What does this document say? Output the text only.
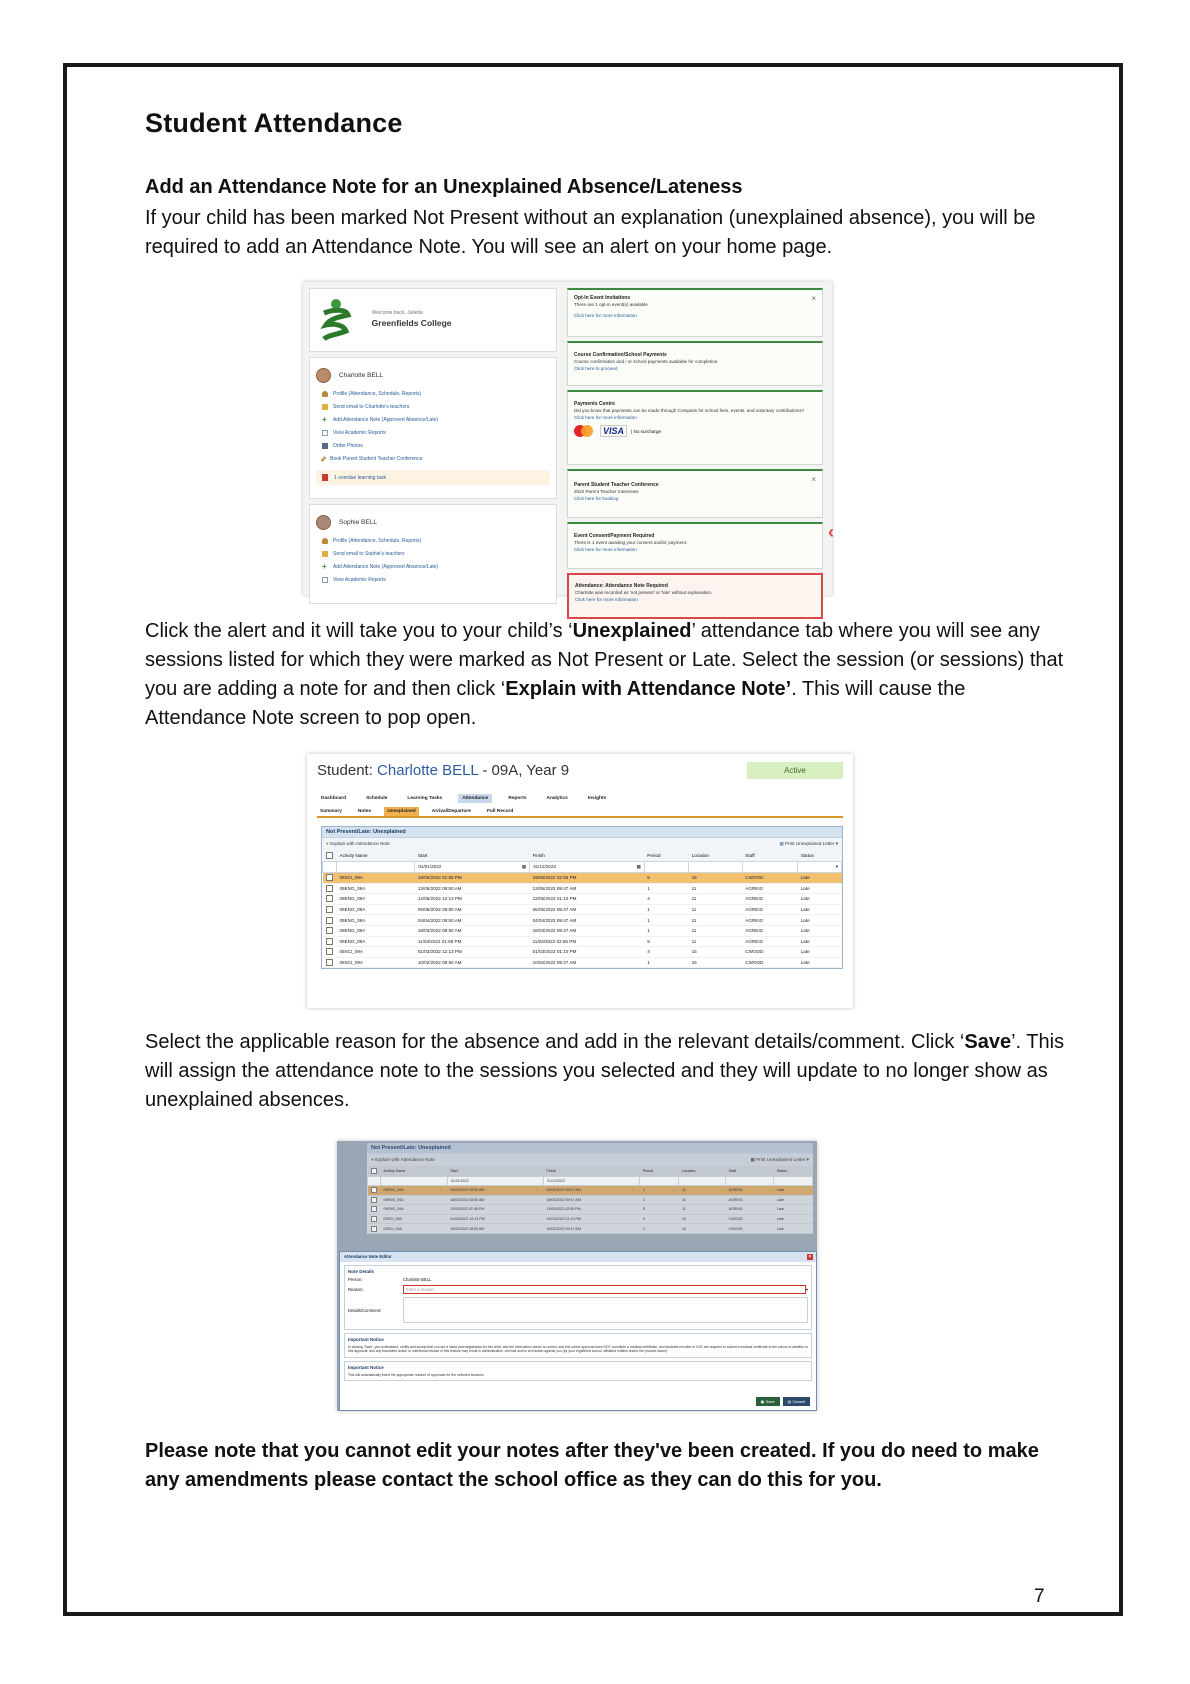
Student Attendance
Add an Attendance Note for an Unexplained Absence/Lateness
If your child has been marked Not Present without an explanation (unexplained absence), you will be required to add an Attendance Note. You will see an alert on your home page.
Click the alert and it will take you to your child’s ‘Unexplained’ attendance tab where you will see any sessions listed for which they were marked as Not Present or Late. Select the session (or sessions) that you are adding a note for and then click ‘Explain with Attendance Note’. This will cause the Attendance Note screen to pop open.
Select the applicable reason for the absence and add in the relevant details/comment. Click ‘Save’. This will assign the attendance note to the sessions you selected and they will update to no longer show as unexplained absences.
Please note that you cannot edit your notes after they've been created. If you do need to make any amendments please contact the school office as they can do this for you.
7

Welcome back, Juliette
Greenfields College
Charlotte BELL
Profile (Attendance, Schedule, Reports)
Send email to Charlotte's teachers
+ Add Attendance Note (Approved Absence/Late)
View Academic Reports
Order Photos
Book Parent Student Teacher Conference
1 overdue learning task
Sophie BELL
Profile (Attendance, Schedule, Reports)
Send email to Sophie's teachers
+ Add Attendance Note (Approved Absence/Late)
View Academic Reports
Opt-In Event Invitations
There are 1 opt-in event(s) available
Click here for more information.
×
Course Confirmation/School Payments
Course confirmation and / or school payments available for completion.
Click here to proceed
Payments Centre
Did you know that payments can be made through Compass for school fees, events, and voluntary contributions?
Click here for more information
VISA	| No surcharge
Parent Student Teacher Conference
2022 Parent Teacher Interviews
Click here for booking
×
Event Consent/Payment Required
There is 1 event awaiting your consent and/or payment.
Click here for more information
Attendance: Attendance Note Required
Charlotte was recorded as 'not present' or 'late' without explanation.
Click here for more information
‹
Student: Charlotte BELL - 09A, Year 9	Active
Dashboard	Schedule	Learning Tasks	Attendance	Reports	Analytics	Insights
Summary	Notes	Unexplained	Arrival/Departure	Full Record
Not Present/Late: Unexplained
● Explain with Attendance Note	▩ Print Unexplained Letter ▾
	Activity Name	Start	Finish	Period	Location	Staff	Status
		01/01/2022 ▦	31/12/2022 ▦				▾

	09SCI_09A	19/05/2022 01:58 PM	19/05/2022 02:55 PM	5	15	CWOOD	Late
	09ENG_09A	13/05/2022 08:50 AM	13/05/2022 09:47 AM	1	11	AGREIG	Late
	09ENG_09A	12/05/2022 12:13 PM	12/05/2022 01:10 PM	4	11	AGREIG	Late
	09ENG_09A	06/05/2022 08:50 AM	06/05/2022 09:47 AM	1	11	AGREIG	Late
	09ENG_09A	04/04/2022 08:50 AM	04/04/2022 09:47 AM	1	11	AGREIG	Late
	09ENG_09A	18/03/2022 08:50 AM	18/03/2022 09:47 AM	1	11	AGREIG	Late
	09ENG_09A	11/03/2022 01:58 PM	11/03/2022 02:55 PM	5	11	AGREIG	Late
	09SCI_09A	01/03/2022 12:13 PM	01/03/2022 01:10 PM	4	15	CWOOD	Late
	09SCI_09A	10/02/2022 08:50 AM	10/02/2022 09:47 AM	1	15	CWOOD	Late
Not Present/Late: Unexplained
● Explain with Attendance Note	▩ Print Unexplained Letter ▾
	Activity Name	Start	Finish	Period	Location	Staff	Status
		01/01/2022	31/12/2022				
	09ENG_09A	04/04/2022 08:50 AM	04/04/2022 09:47 AM	1	11	AGREIG	Late
	09ENG_09A	18/03/2022 08:50 AM	18/03/2022 09:47 AM	1	11	AGREIG	Late
	09ENG_09A	11/03/2022 01:58 PM	11/03/2022 02:55 PM	5	11	AGREIG	Late
	09SCI_09A	01/03/2022 12:13 PM	01/03/2022 01:10 PM	4	15	CWOOD	Late
	09SCI_09A	10/02/2022 08:50 AM	10/02/2022 09:47 AM	1	15	CWOOD	Late
Attendance Note Editor	×
Note Details
Person:	Charlotte BELL
Reason:	Enter a reason...	▾
Details/Comment:
Important Notice
In clicking 'Save', you understand, certify and accept that you are a listed parent/guardian for this child, and the information above is correct, and this online approval does NOT constitute a medical certificate; and students enrolled in VCE are required to submit a medical certificate to the school in addition to this approval; and any fraudulent action or intentional misuse of this feature may result in administrative, criminal and/or civil action against you (by your registered school, affiliated entities and/or the product issuer).
Important Notice
This will automatically insert the appropriate number of approvals for the selected sessions
▣ Save	▤ Cancel
